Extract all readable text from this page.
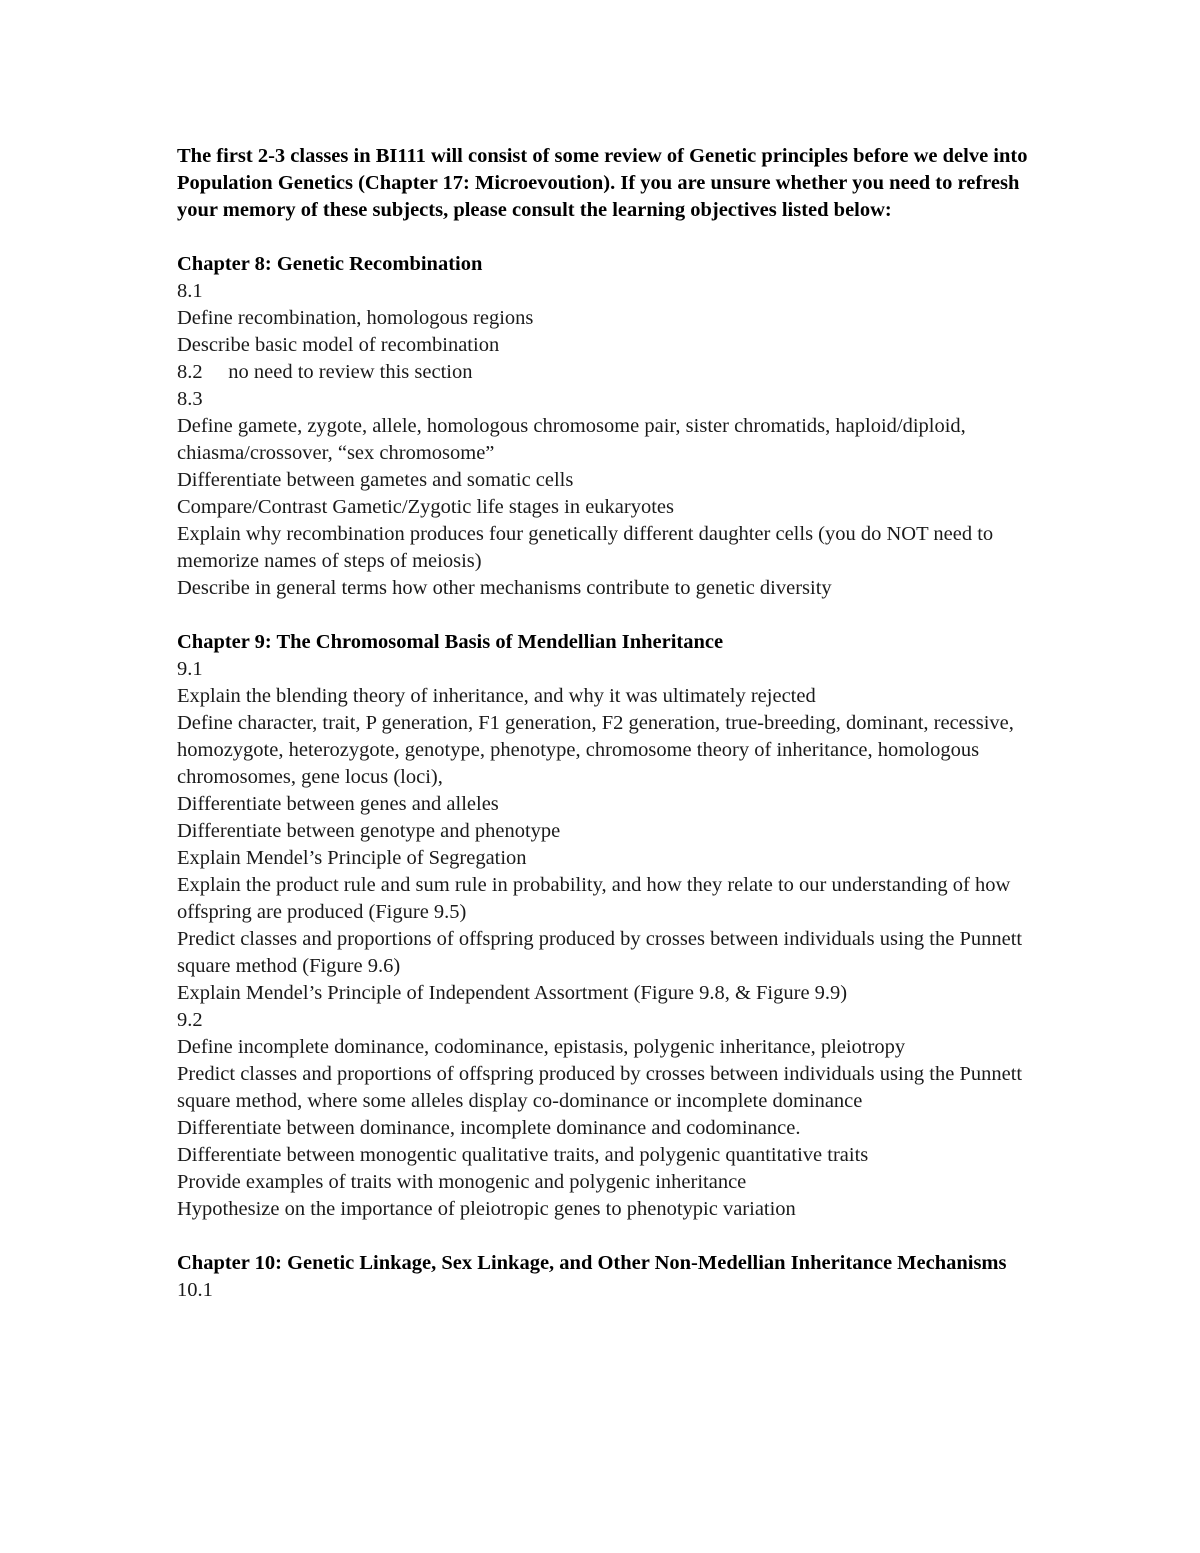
The first 2-3 classes in BI111 will consist of some review of Genetic principles before we delve into Population Genetics (Chapter 17: Microevoution). If you are unsure whether you need to refresh your memory of these subjects, please consult the learning objectives listed below:

Chapter 8: Genetic Recombination

8.1

Define recombination, homologous regions

Describe basic model of recombination

8.2     no need to review this section

8.3

Define gamete, zygote, allele, homologous chromosome pair, sister chromatids, haploid/diploid, chiasma/crossover, “sex chromosome”

Differentiate between gametes and somatic cells

Compare/Contrast Gametic/Zygotic life stages in eukaryotes

Explain why recombination produces four genetically different daughter cells (you do NOT need to memorize names of steps of meiosis)

Describe in general terms how other mechanisms contribute to genetic diversity

Chapter 9: The Chromosomal Basis of Mendellian Inheritance

9.1

Explain the blending theory of inheritance, and why it was ultimately rejected

Define character, trait, P generation, F1 generation, F2 generation, true-breeding, dominant, recessive, homozygote, heterozygote, genotype, phenotype, chromosome theory of inheritance, homologous chromosomes, gene locus (loci),

Differentiate between genes and alleles

Differentiate between genotype and phenotype

Explain Mendel’s Principle of Segregation

Explain the product rule and sum rule in probability, and how they relate to our understanding of how offspring are produced (Figure 9.5)

Predict classes and proportions of offspring produced by crosses between individuals using the Punnett square method (Figure 9.6)

Explain Mendel’s Principle of Independent Assortment (Figure 9.8, & Figure 9.9)

9.2

Define incomplete dominance, codominance, epistasis, polygenic inheritance, pleiotropy

Predict classes and proportions of offspring produced by crosses between individuals using the Punnett square method, where some alleles display co-dominance or incomplete dominance

Differentiate between dominance, incomplete dominance and codominance.

Differentiate between monogentic qualitative traits, and polygenic quantitative traits

Provide examples of traits with monogenic and polygenic inheritance

Hypothesize on the importance of pleiotropic genes to phenotypic variation

Chapter 10: Genetic Linkage, Sex Linkage, and Other Non-Medellian Inheritance Mechanisms

10.1
